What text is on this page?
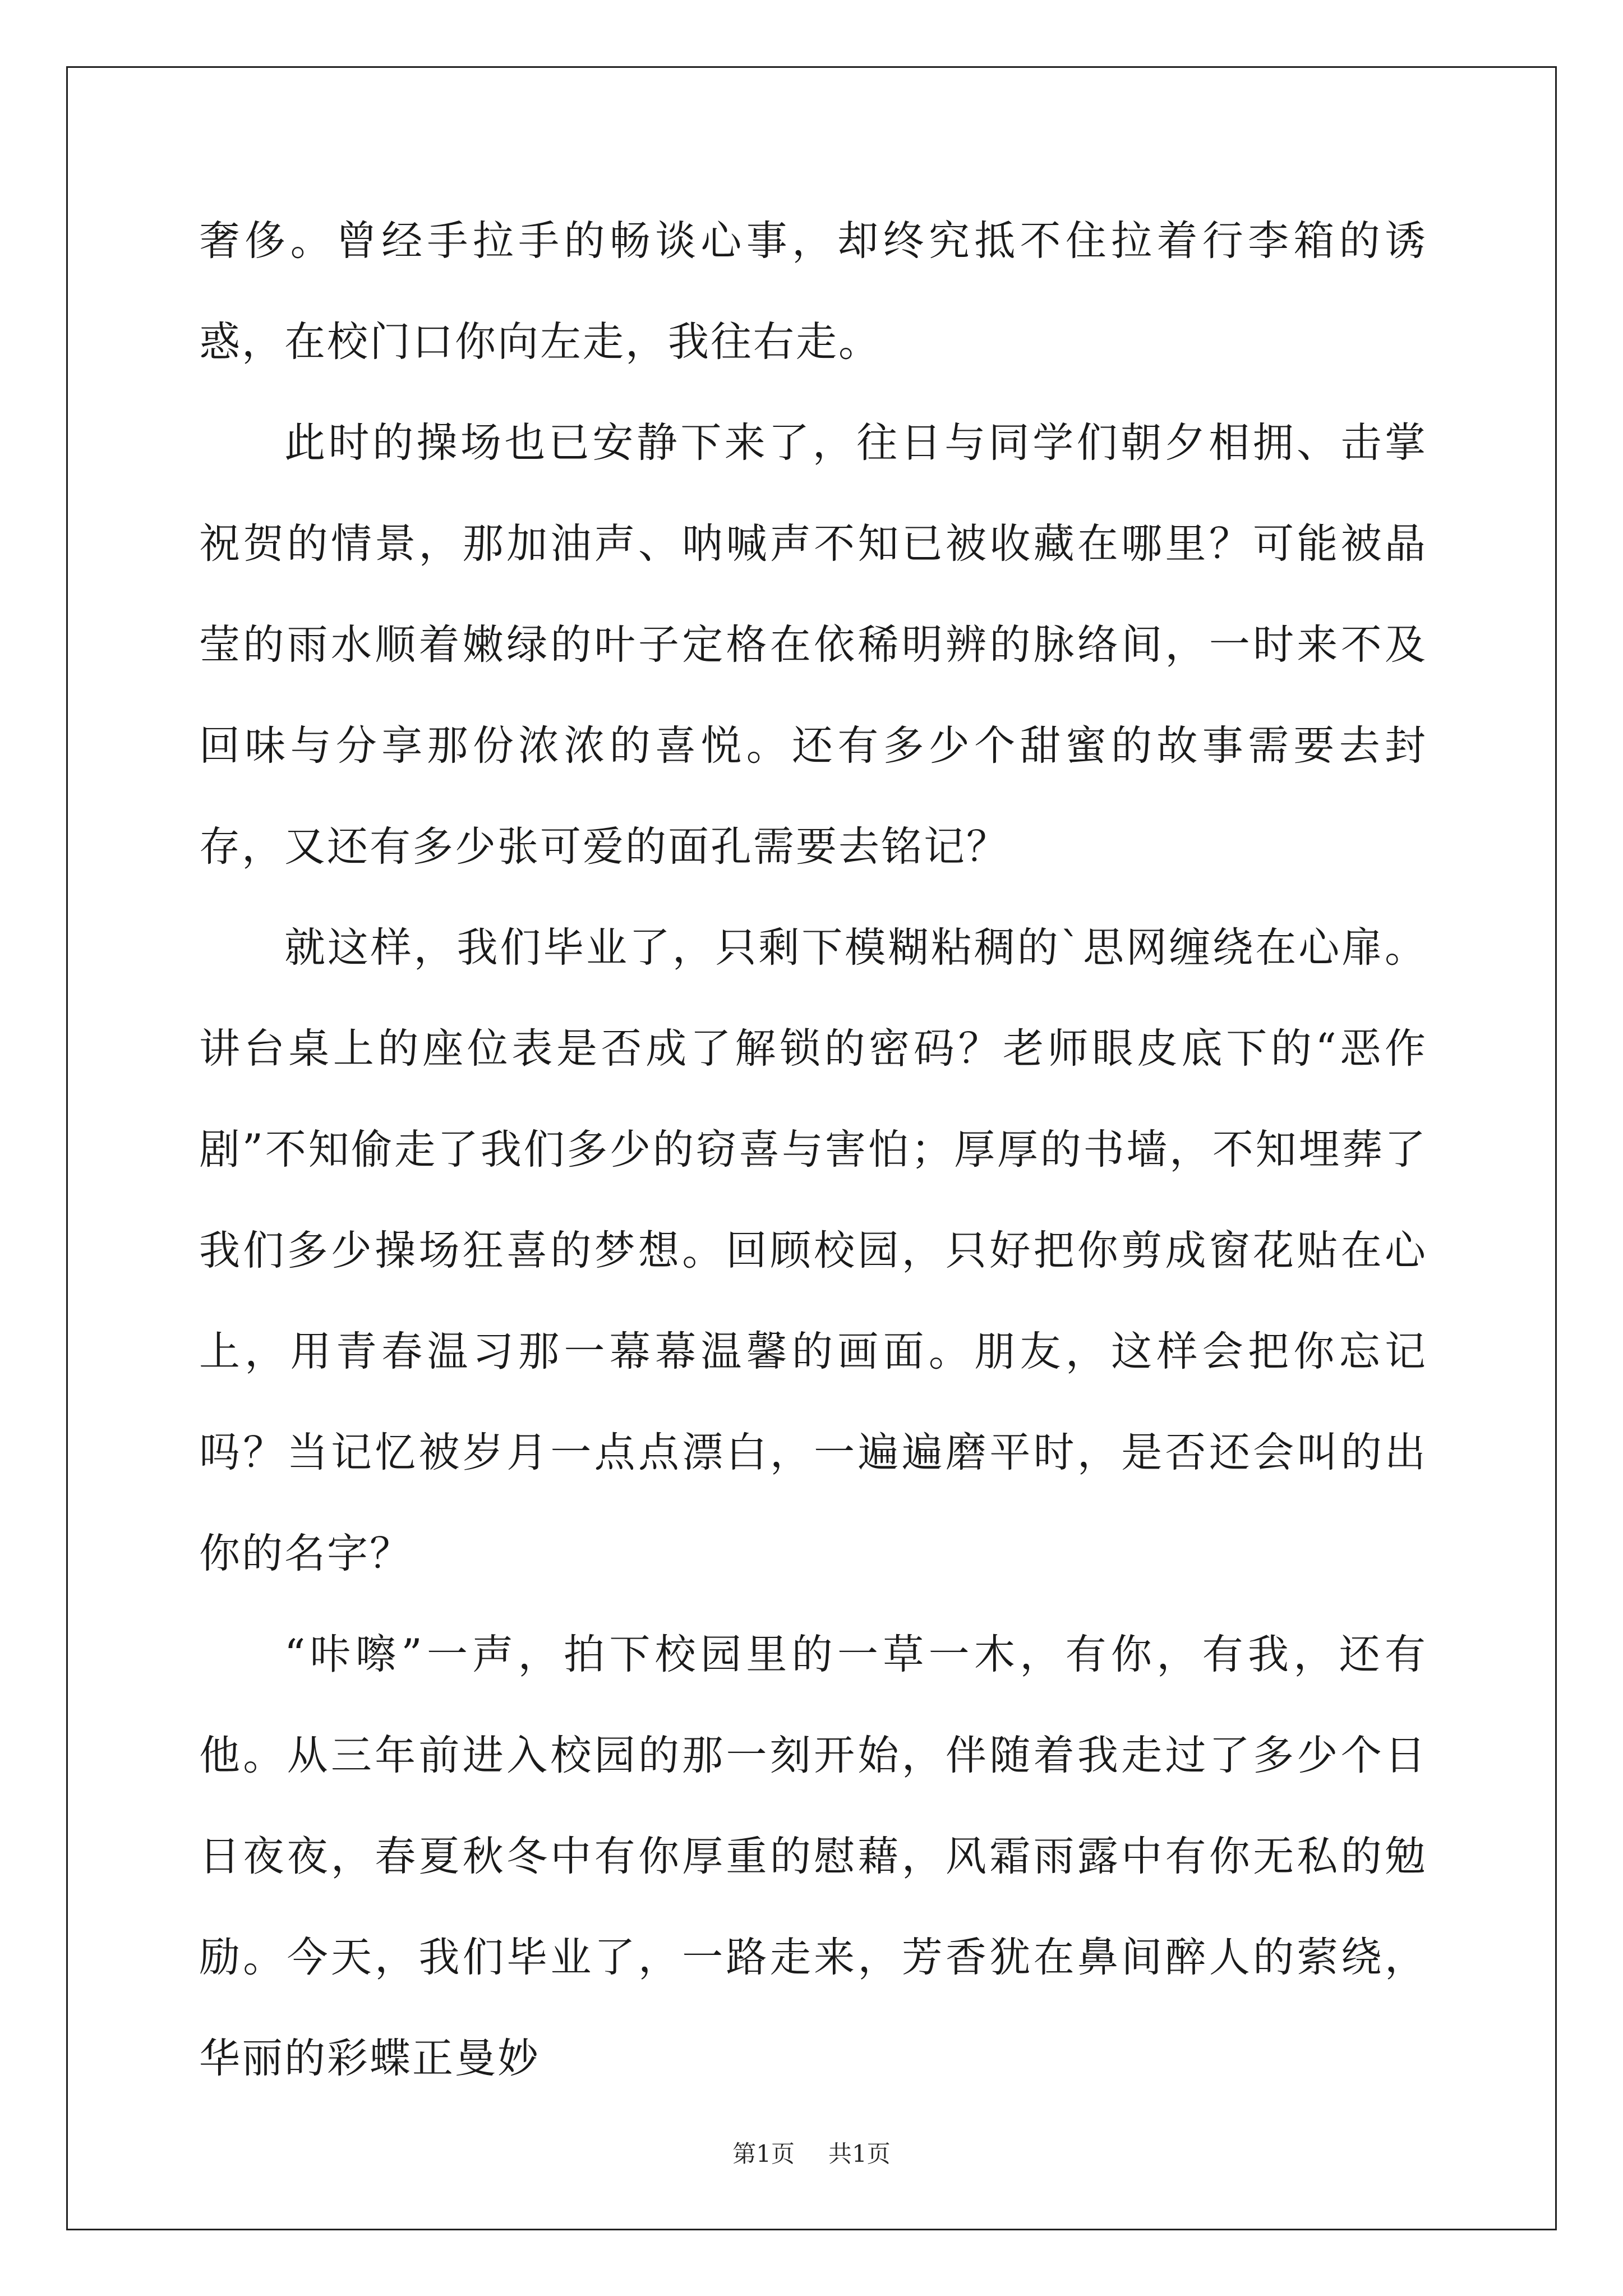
奢侈。曾经手拉手的畅谈心事，却终究抵不住拉着行李箱的诱惑，在校门口你向左走，我往右走。

此时的操场也已安静下来了，往日与同学们朝夕相拥、击掌祝贺的情景，那加油声、呐喊声不知已被收藏在哪里？可能被晶莹的雨水顺着嫩绿的叶子定格在依稀明辨的脉络间，一时来不及回味与分享那份浓浓的喜悦。还有多少个甜蜜的故事需要去封存，又还有多少张可爱的面孔需要去铭记？

就这样，我们毕业了，只剩下模糊粘稠的`思网缠绕在心扉。讲台桌上的座位表是否成了解锁的密码？老师眼皮底下的“恶作剧”不知偷走了我们多少的窃喜与害怕；厚厚的书墙，不知埋葬了我们多少操场狂喜的梦想。回顾校园，只好把你剪成窗花贴在心上，用青春温习那一幕幕温馨的画面。朋友，这样会把你忘记吗？当记忆被岁月一点点漂白，一遍遍磨平时，是否还会叫的出你的名字？

“咔嚓”一声，拍下校园里的一草一木，有你，有我，还有他。从三年前进入校园的那一刻开始，伴随着我走过了多少个日日夜夜，春夏秋冬中有你厚重的慰藉，风霜雨露中有你无私的勉励。今天，我们毕业了，一路走来，芳香犹在鼻间醉人的萦绕，华丽的彩蝶正曼妙

第1页 共1页
